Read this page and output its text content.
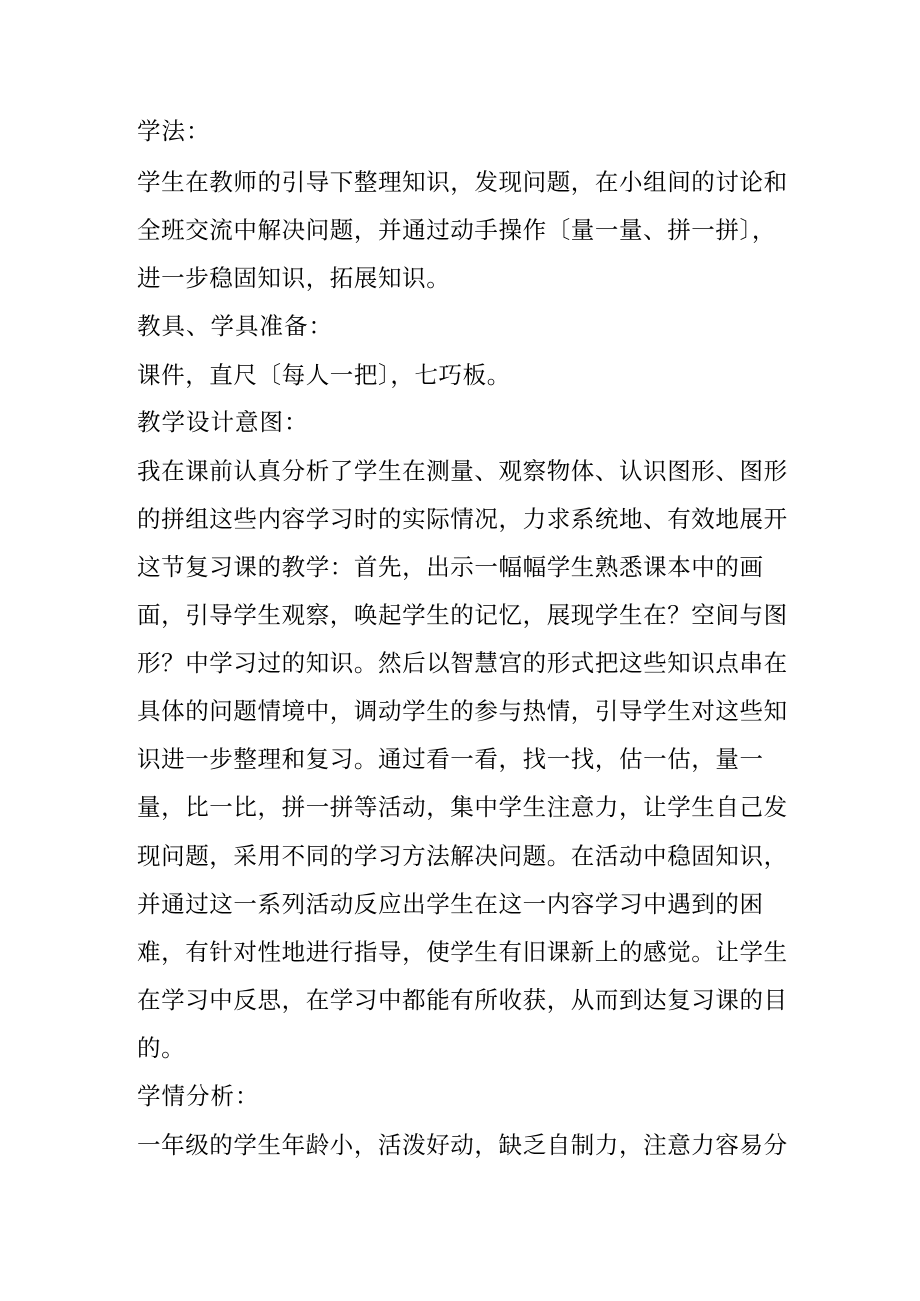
学法：
学生在教师的引导下整理知识，发现问题，在小组间的讨论和
全班交流中解决问题，并通过动手操作〔量一量、拼一拼〕，
进一步稳固知识，拓展知识。
教具、学具准备：
课件，直尺〔每人一把〕，七巧板。
教学设计意图：
我在课前认真分析了学生在测量、观察物体、认识图形、图形
的拼组这些内容学习时的实际情况，力求系统地、有效地展开
这节复习课的教学：首先，出示一幅幅学生熟悉课本中的画
面，引导学生观察，唤起学生的记忆，展现学生在？空间与图
形？中学习过的知识。然后以智慧宫的形式把这些知识点串在
具体的问题情境中，调动学生的参与热情，引导学生对这些知
识进一步整理和复习。通过看一看，找一找，估一估，量一
量，比一比，拼一拼等活动，集中学生注意力，让学生自己发
现问题，采用不同的学习方法解决问题。在活动中稳固知识，
并通过这一系列活动反应出学生在这一内容学习中遇到的困
难，有针对性地进行指导，使学生有旧课新上的感觉。让学生
在学习中反思，在学习中都能有所收获，从而到达复习课的目
的。
学情分析：
一年级的学生年龄小，活泼好动，缺乏自制力，注意力容易分
